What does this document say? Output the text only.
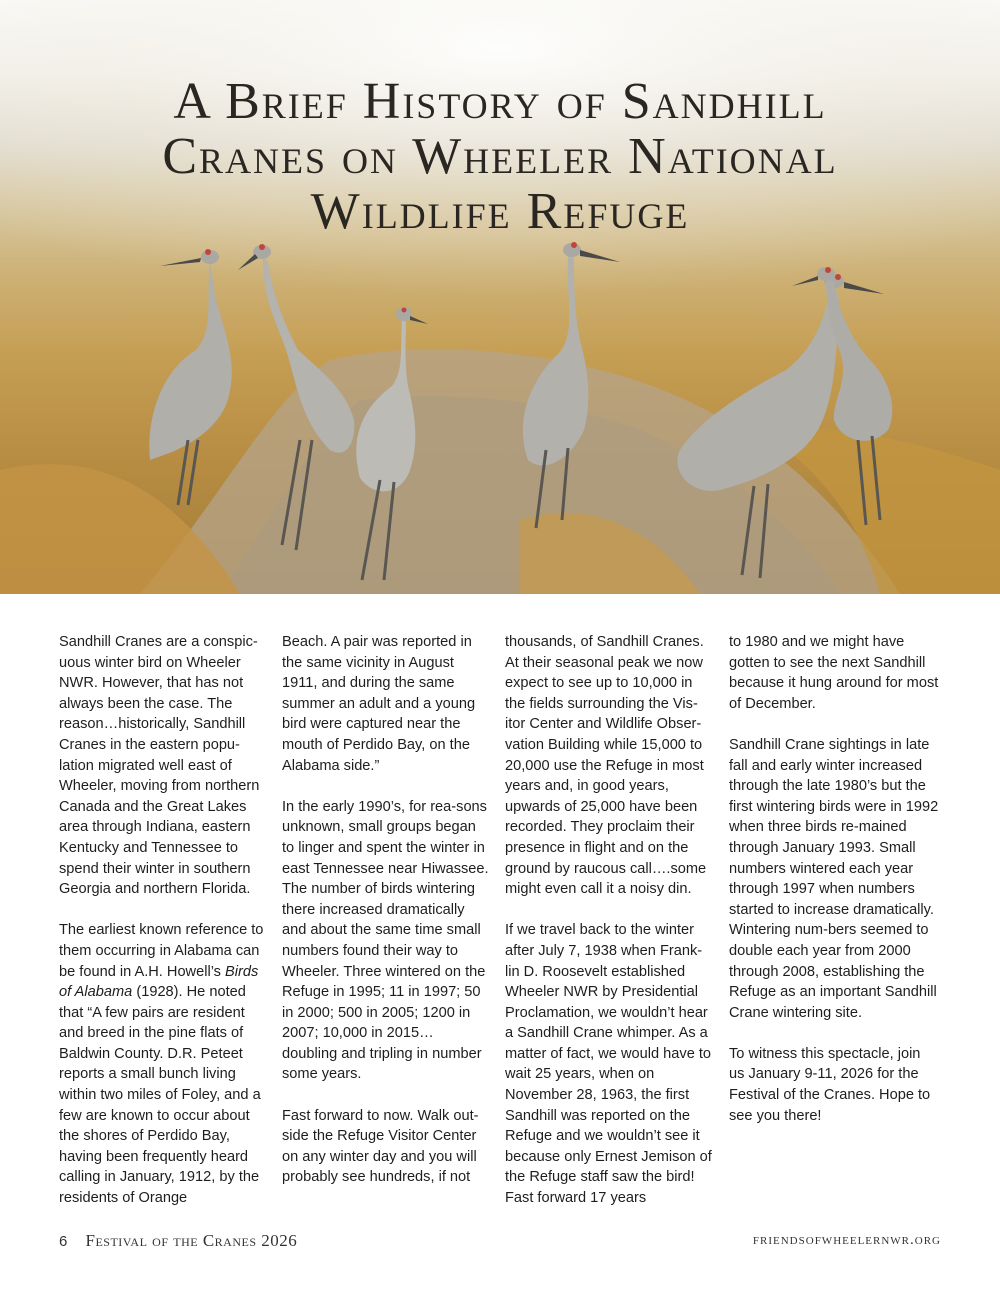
A Brief History of Sandhill
Cranes on Wheeler National
Wildlife Refuge

Sandhill Cranes are a conspic-uous winter bird on Wheeler NWR. However, that has not always been the case. The reason…historically, Sandhill Cranes in the eastern popu-lation migrated well east of Wheeler, moving from northern Canada and the Great Lakes area through Indiana, eastern Kentucky and Tennessee to spend their winter in southern Georgia and northern Florida.

The earliest known reference to them occurring in Alabama can be found in A.H. Howell’s Birds of Alabama (1928). He noted that “A few pairs are resident and breed in the pine flats of Baldwin County. D.R. Peteet reports a small bunch living within two miles of Foley, and a few are known to occur about the shores of Perdido Bay, having been frequently heard calling in January, 1912, by the residents of Orange

Beach. A pair was reported in the same vicinity in August 1911, and during the same summer an adult and a young bird were captured near the mouth of Perdido Bay, on the Alabama side.”

In the early 1990’s, for rea-sons unknown, small groups began to linger and spent the winter in east Tennessee near Hiwassee. The number of birds wintering there increased dramatically and about the same time small numbers found their way to Wheeler. Three wintered on the Refuge in 1995; 11 in 1997; 50 in 2000; 500 in 2005; 1200 in 2007; 10,000 in 2015… doubling and tripling in number some years.

Fast forward to now. Walk out-side the Refuge Visitor Center on any winter day and you will probably see hundreds, if not

thousands, of Sandhill Cranes. At their seasonal peak we now expect to see up to 10,000 in the fields surrounding the Vis-itor Center and Wildlife Obser-vation Building while 15,000 to 20,000 use the Refuge in most years and, in good years, upwards of 25,000 have been recorded. They proclaim their presence in flight and on the ground by raucous call….some might even call it a noisy din.

If we travel back to the winter after July 7, 1938 when Frank-lin D. Roosevelt established Wheeler NWR by Presidential Proclamation, we wouldn’t hear a Sandhill Crane whimper. As a matter of fact, we would have to wait 25 years, when on November 28, 1963, the first Sandhill was reported on the Refuge and we wouldn’t see it because only Ernest Jemison of the Refuge staff saw the bird! Fast forward 17 years

to 1980 and we might have gotten to see the next Sandhill because it hung around for most of December.

Sandhill Crane sightings in late fall and early winter increased through the late 1980’s but the first wintering birds were in 1992 when three birds re-mained through January 1993. Small numbers wintered each year through 1997 when numbers started to increase dramatically. Wintering num-bers seemed to double each year from 2000 through 2008, establishing the Refuge as an important Sandhill Crane wintering site.

To witness this spectacle, join us January 9-11, 2026 for the Festival of the Cranes. Hope to see you there!

6 Festival of the Cranes 2026	friendsofwheelernwr.org
